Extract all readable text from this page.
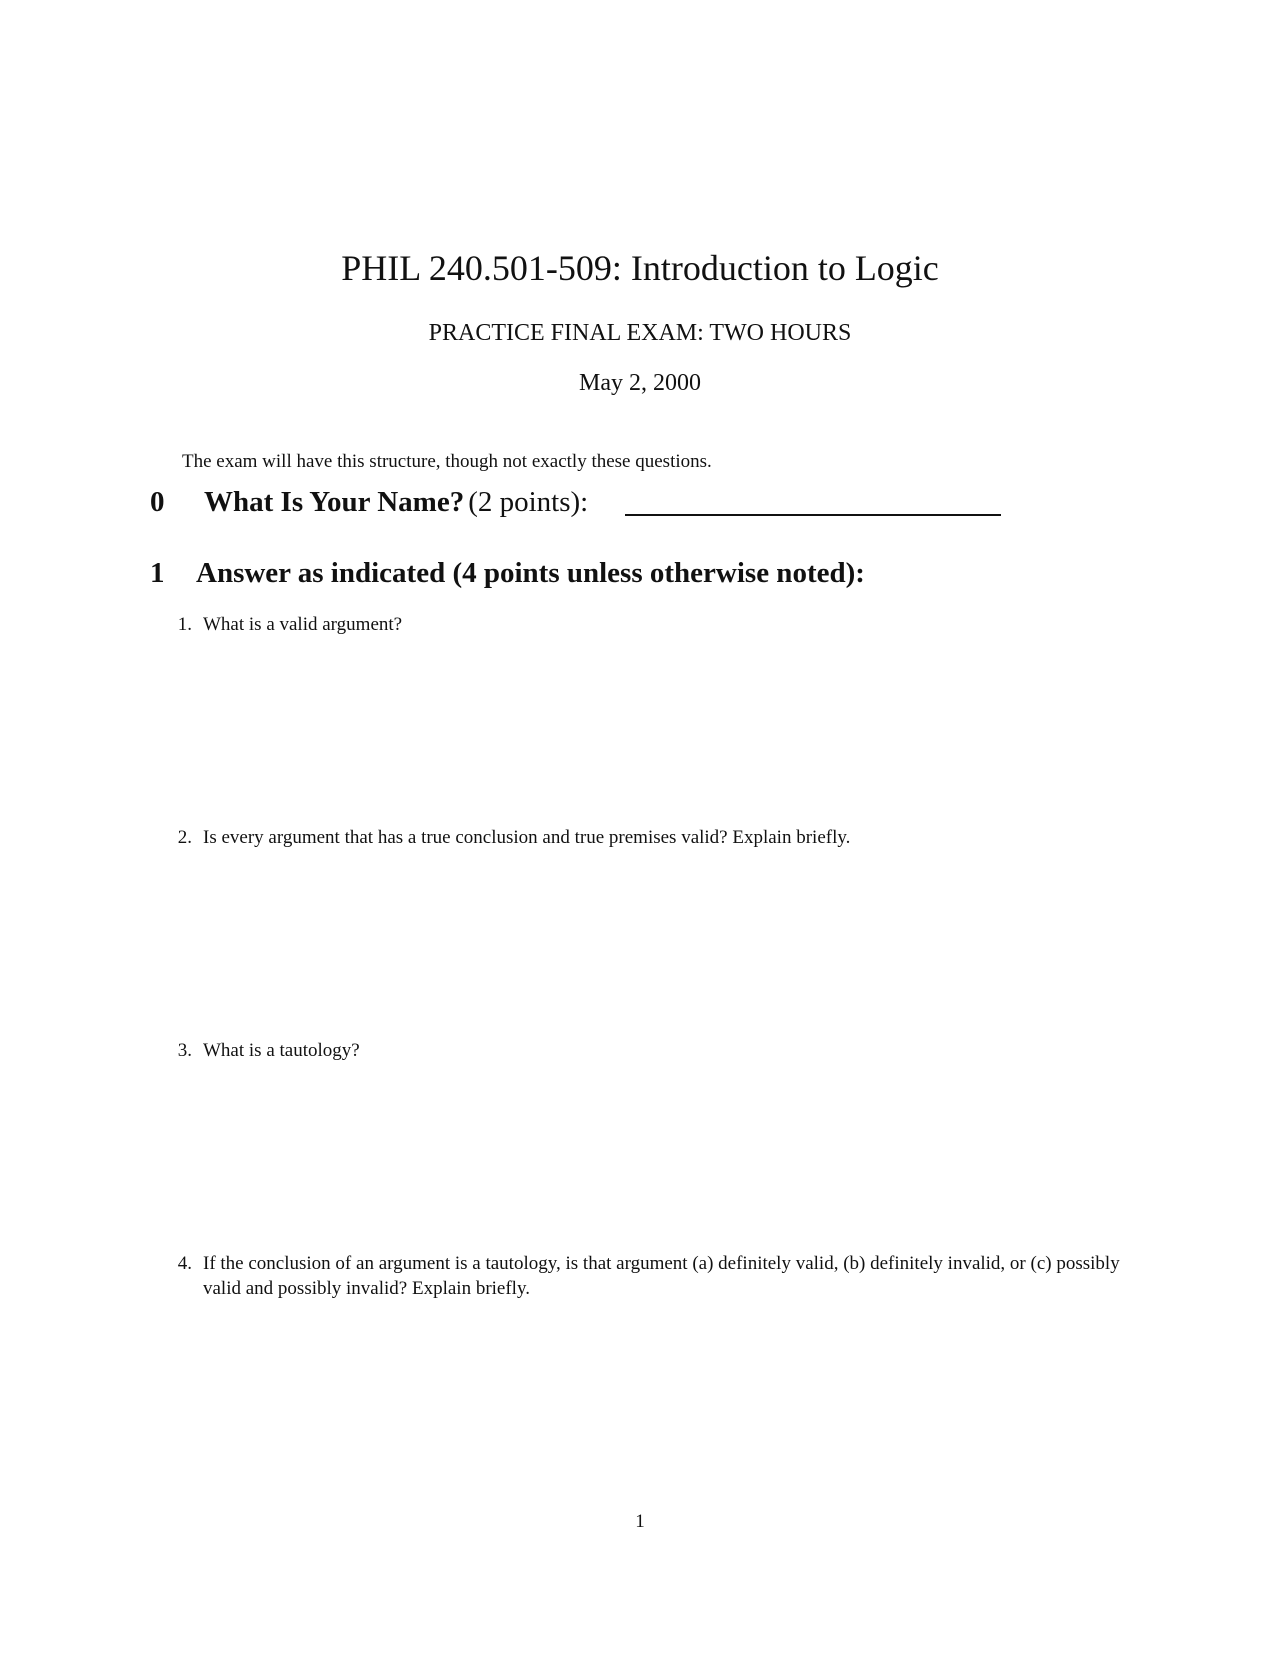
PHIL 240.501-509: Introduction to Logic
PRACTICE FINAL EXAM: TWO HOURS
May 2, 2000
The exam will have this structure, though not exactly these questions.
0 What Is Your Name? (2 points):
1 Answer as indicated (4 points unless otherwise noted):
1. What is a valid argument?
2. Is every argument that has a true conclusion and true premises valid? Explain briefly.
3. What is a tautology?
4. If the conclusion of an argument is a tautology, is that argument (a) definitely valid, (b) definitely invalid, or (c) possibly valid and possibly invalid? Explain briefly.
1
